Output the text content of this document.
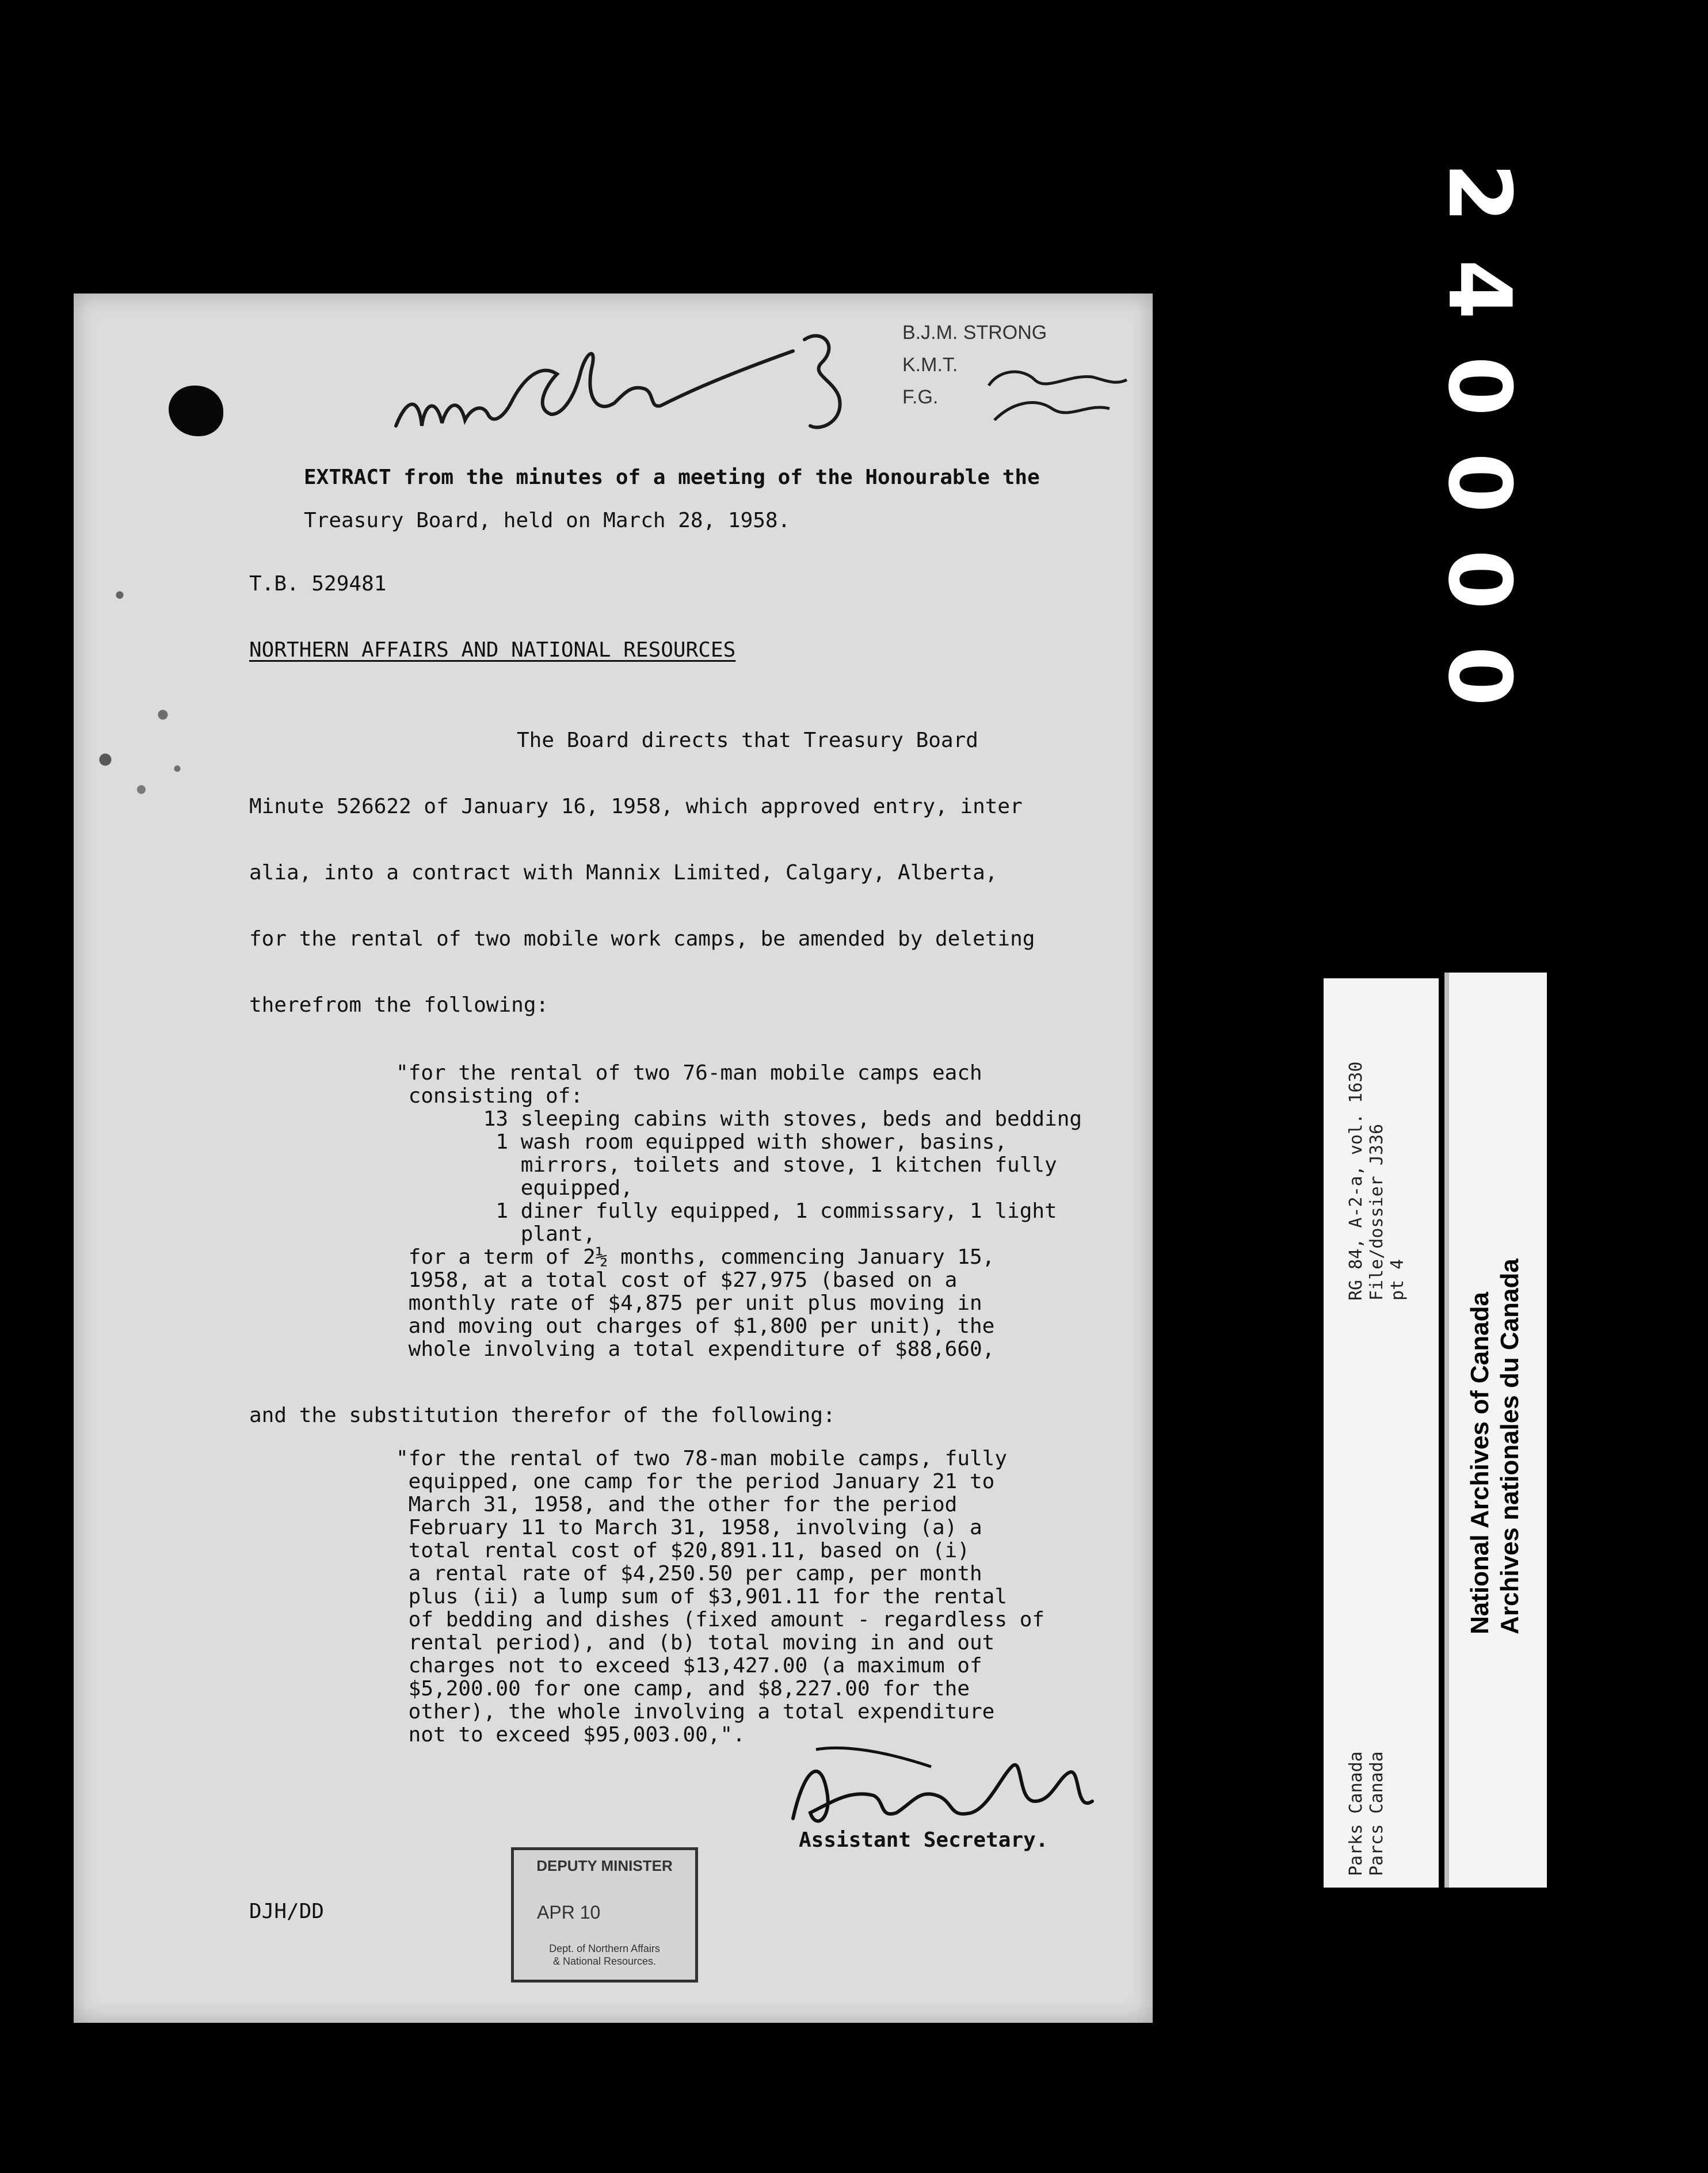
2
4
0
0
0
0
B.J.M. STRONG
K.M.T.
F.G.
EXTRACT from the minutes of a meeting of the Honourable the
Treasury Board, held on March 28, 1958.
T.B. 529481
NORTHERN AFFAIRS AND NATIONAL RESOURCES
The Board directs that Treasury Board
Minute 526622 of January 16, 1958, which approved entry, inter
alia, into a contract with Mannix Limited, Calgary, Alberta,
for the rental of two mobile work camps, be amended by deleting
therefrom the following:
"for the rental of two 76-man mobile camps each
consisting of:
13 sleeping cabins with stoves, beds and bedding
1 wash room equipped with shower, basins,
mirrors, toilets and stove, 1 kitchen fully
equipped,
1 diner fully equipped, 1 commissary, 1 light
plant,
for a term of 2½ months, commencing January 15,
1958, at a total cost of $27,975 (based on a
monthly rate of $4,875 per unit plus moving in
and moving out charges of $1,800 per unit), the
whole involving a total expenditure of $88,660,
and the substitution therefor of the following:
"for the rental of two 78-man mobile camps, fully
equipped, one camp for the period January 21 to
March 31, 1958, and the other for the period
February 11 to March 31, 1958, involving (a) a
total rental cost of $20,891.11, based on (i)
a rental rate of $4,250.50 per camp, per month
plus (ii) a lump sum of $3,901.11 for the rental
of bedding and dishes (fixed amount - regardless of
rental period), and (b) total moving in and out
charges not to exceed $13,427.00 (a maximum of
$5,200.00 for one camp, and $8,227.00 for the
other), the whole involving a total expenditure
not to exceed $95,003.00,".
Assistant Secretary.
DJH/DD
DEPUTY MINISTER
APR 10
Dept. of Northern Affairs
& National Resources.
RG 84, A-2-a, vol. 1630 File/dossier J336 pt 4
Parks Canada Parcs Canada
National Archives of Canada Archives nationales du Canada
